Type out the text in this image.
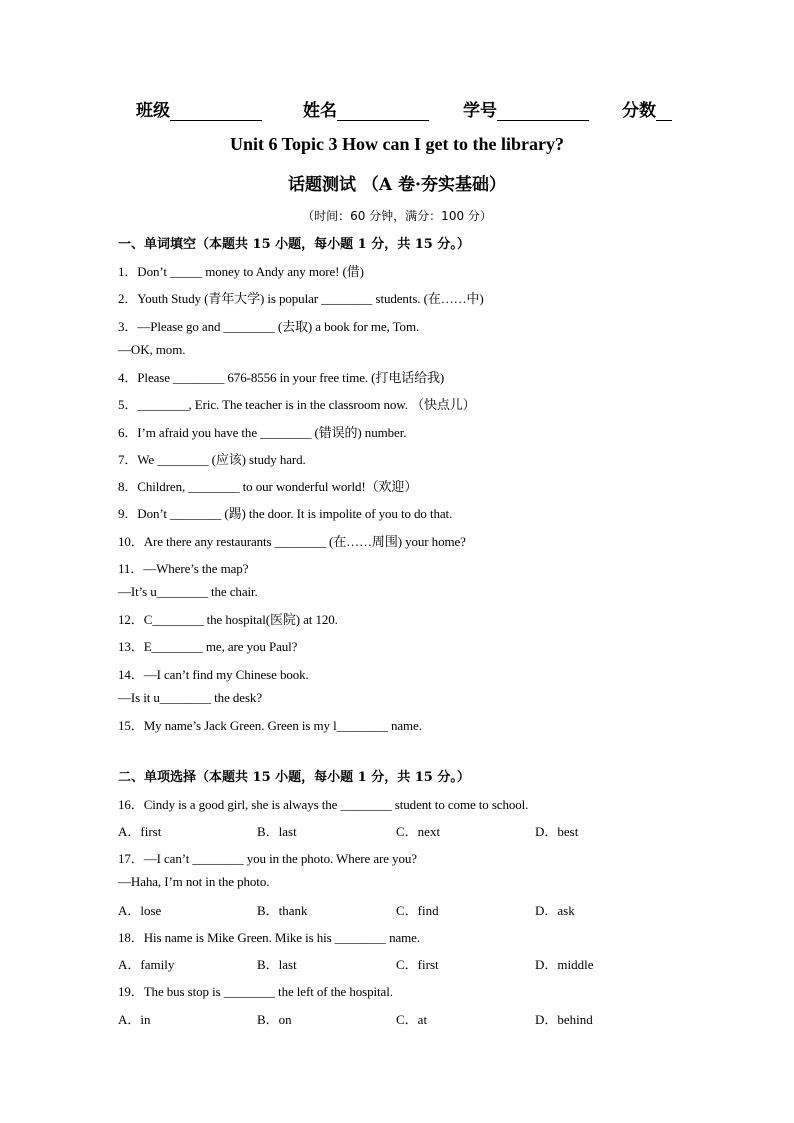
班级	姓名	学号	分数
Unit 6 Topic 3 How can I get to the library?
话题测试 （A 卷·夯实基础）
（时间：60 分钟，满分：100 分）
一、单词填空（本题共 15 小题，每小题 1 分，共 15 分。）
1．Don’t _____ money to Andy any more! (借)
2．Youth Study (青年大学) is popular ________ students. (在……中)
3．—Please go and ________ (去取) a book for me, Tom.
—OK, mom.
4．Please ________ 676-8556 in your free time. (打电话给我)
5．________, Eric. The teacher is in the classroom now. （快点儿）
6．I’m afraid you have the ________ (错误的) number.
7．We ________ (应该) study hard.
8．Children, ________ to our wonderful world!（欢迎）
9．Don’t ________ (踢) the door. It is impolite of you to do that.
10．Are there any restaurants ________ (在……周围) your home?
11．—Where’s the map?
—It’s u________ the chair.
12．C________ the hospital(医院) at 120.
13．E________ me, are you Paul?
14．—I can’t find my Chinese book.
—Is it u________ the desk?
15．My name’s Jack Green. Green is my l________ name.
二、单项选择（本题共 15 小题，每小题 1 分，共 15 分。）
16．Cindy is a good girl, she is always the ________ student to come to school.
A．first	B．last	C．next	D．best
17．—I can’t ________ you in the photo. Where are you?
—Haha, I’m not in the photo.
A．lose	B．thank	C．find	D．ask
18．His name is Mike Green. Mike is his ________ name.
A．family	B．last	C．first	D．middle
19．The bus stop is ________ the left of the hospital.
A．in	B．on	C．at	D．behind
